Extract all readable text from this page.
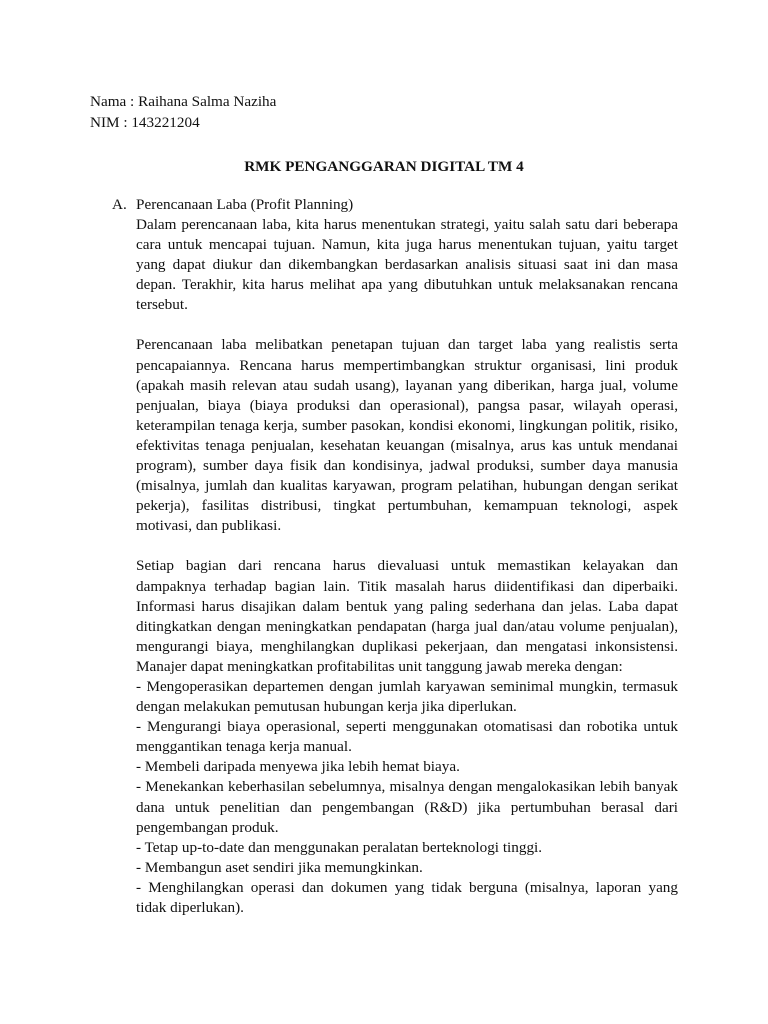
Nama : Raihana Salma Naziha
NIM : 143221204
RMK PENGANGGARAN DIGITAL TM 4
A. Perencanaan Laba (Profit Planning)

Dalam perencanaan laba, kita harus menentukan strategi, yaitu salah satu dari beberapa cara untuk mencapai tujuan. Namun, kita juga harus menentukan tujuan, yaitu target yang dapat diukur dan dikembangkan berdasarkan analisis situasi saat ini dan masa depan. Terakhir, kita harus melihat apa yang dibutuhkan untuk melaksanakan rencana tersebut.

Perencanaan laba melibatkan penetapan tujuan dan target laba yang realistis serta pencapaiannya. Rencana harus mempertimbangkan struktur organisasi, lini produk (apakah masih relevan atau sudah usang), layanan yang diberikan, harga jual, volume penjualan, biaya (biaya produksi dan operasional), pangsa pasar, wilayah operasi, keterampilan tenaga kerja, sumber pasokan, kondisi ekonomi, lingkungan politik, risiko, efektivitas tenaga penjualan, kesehatan keuangan (misalnya, arus kas untuk mendanai program), sumber daya fisik dan kondisinya, jadwal produksi, sumber daya manusia (misalnya, jumlah dan kualitas karyawan, program pelatihan, hubungan dengan serikat pekerja), fasilitas distribusi, tingkat pertumbuhan, kemampuan teknologi, aspek motivasi, dan publikasi.

Setiap bagian dari rencana harus dievaluasi untuk memastikan kelayakan dan dampaknya terhadap bagian lain. Titik masalah harus diidentifikasi dan diperbaiki. Informasi harus disajikan dalam bentuk yang paling sederhana dan jelas. Laba dapat ditingkatkan dengan meningkatkan pendapatan (harga jual dan/atau volume penjualan), mengurangi biaya, menghilangkan duplikasi pekerjaan, dan mengatasi inkonsistensi. Manajer dapat meningkatkan profitabilitas unit tanggung jawab mereka dengan:

- Mengoperasikan departemen dengan jumlah karyawan seminimal mungkin, termasuk dengan melakukan pemutusan hubungan kerja jika diperlukan.

- Mengurangi biaya operasional, seperti menggunakan otomatisasi dan robotika untuk menggantikan tenaga kerja manual.

- Membeli daripada menyewa jika lebih hemat biaya.

- Menekankan keberhasilan sebelumnya, misalnya dengan mengalokasikan lebih banyak dana untuk penelitian dan pengembangan (R&D) jika pertumbuhan berasal dari pengembangan produk.

- Tetap up-to-date dan menggunakan peralatan berteknologi tinggi.

- Membangun aset sendiri jika memungkinkan.

- Menghilangkan operasi dan dokumen yang tidak berguna (misalnya, laporan yang tidak diperlukan).
